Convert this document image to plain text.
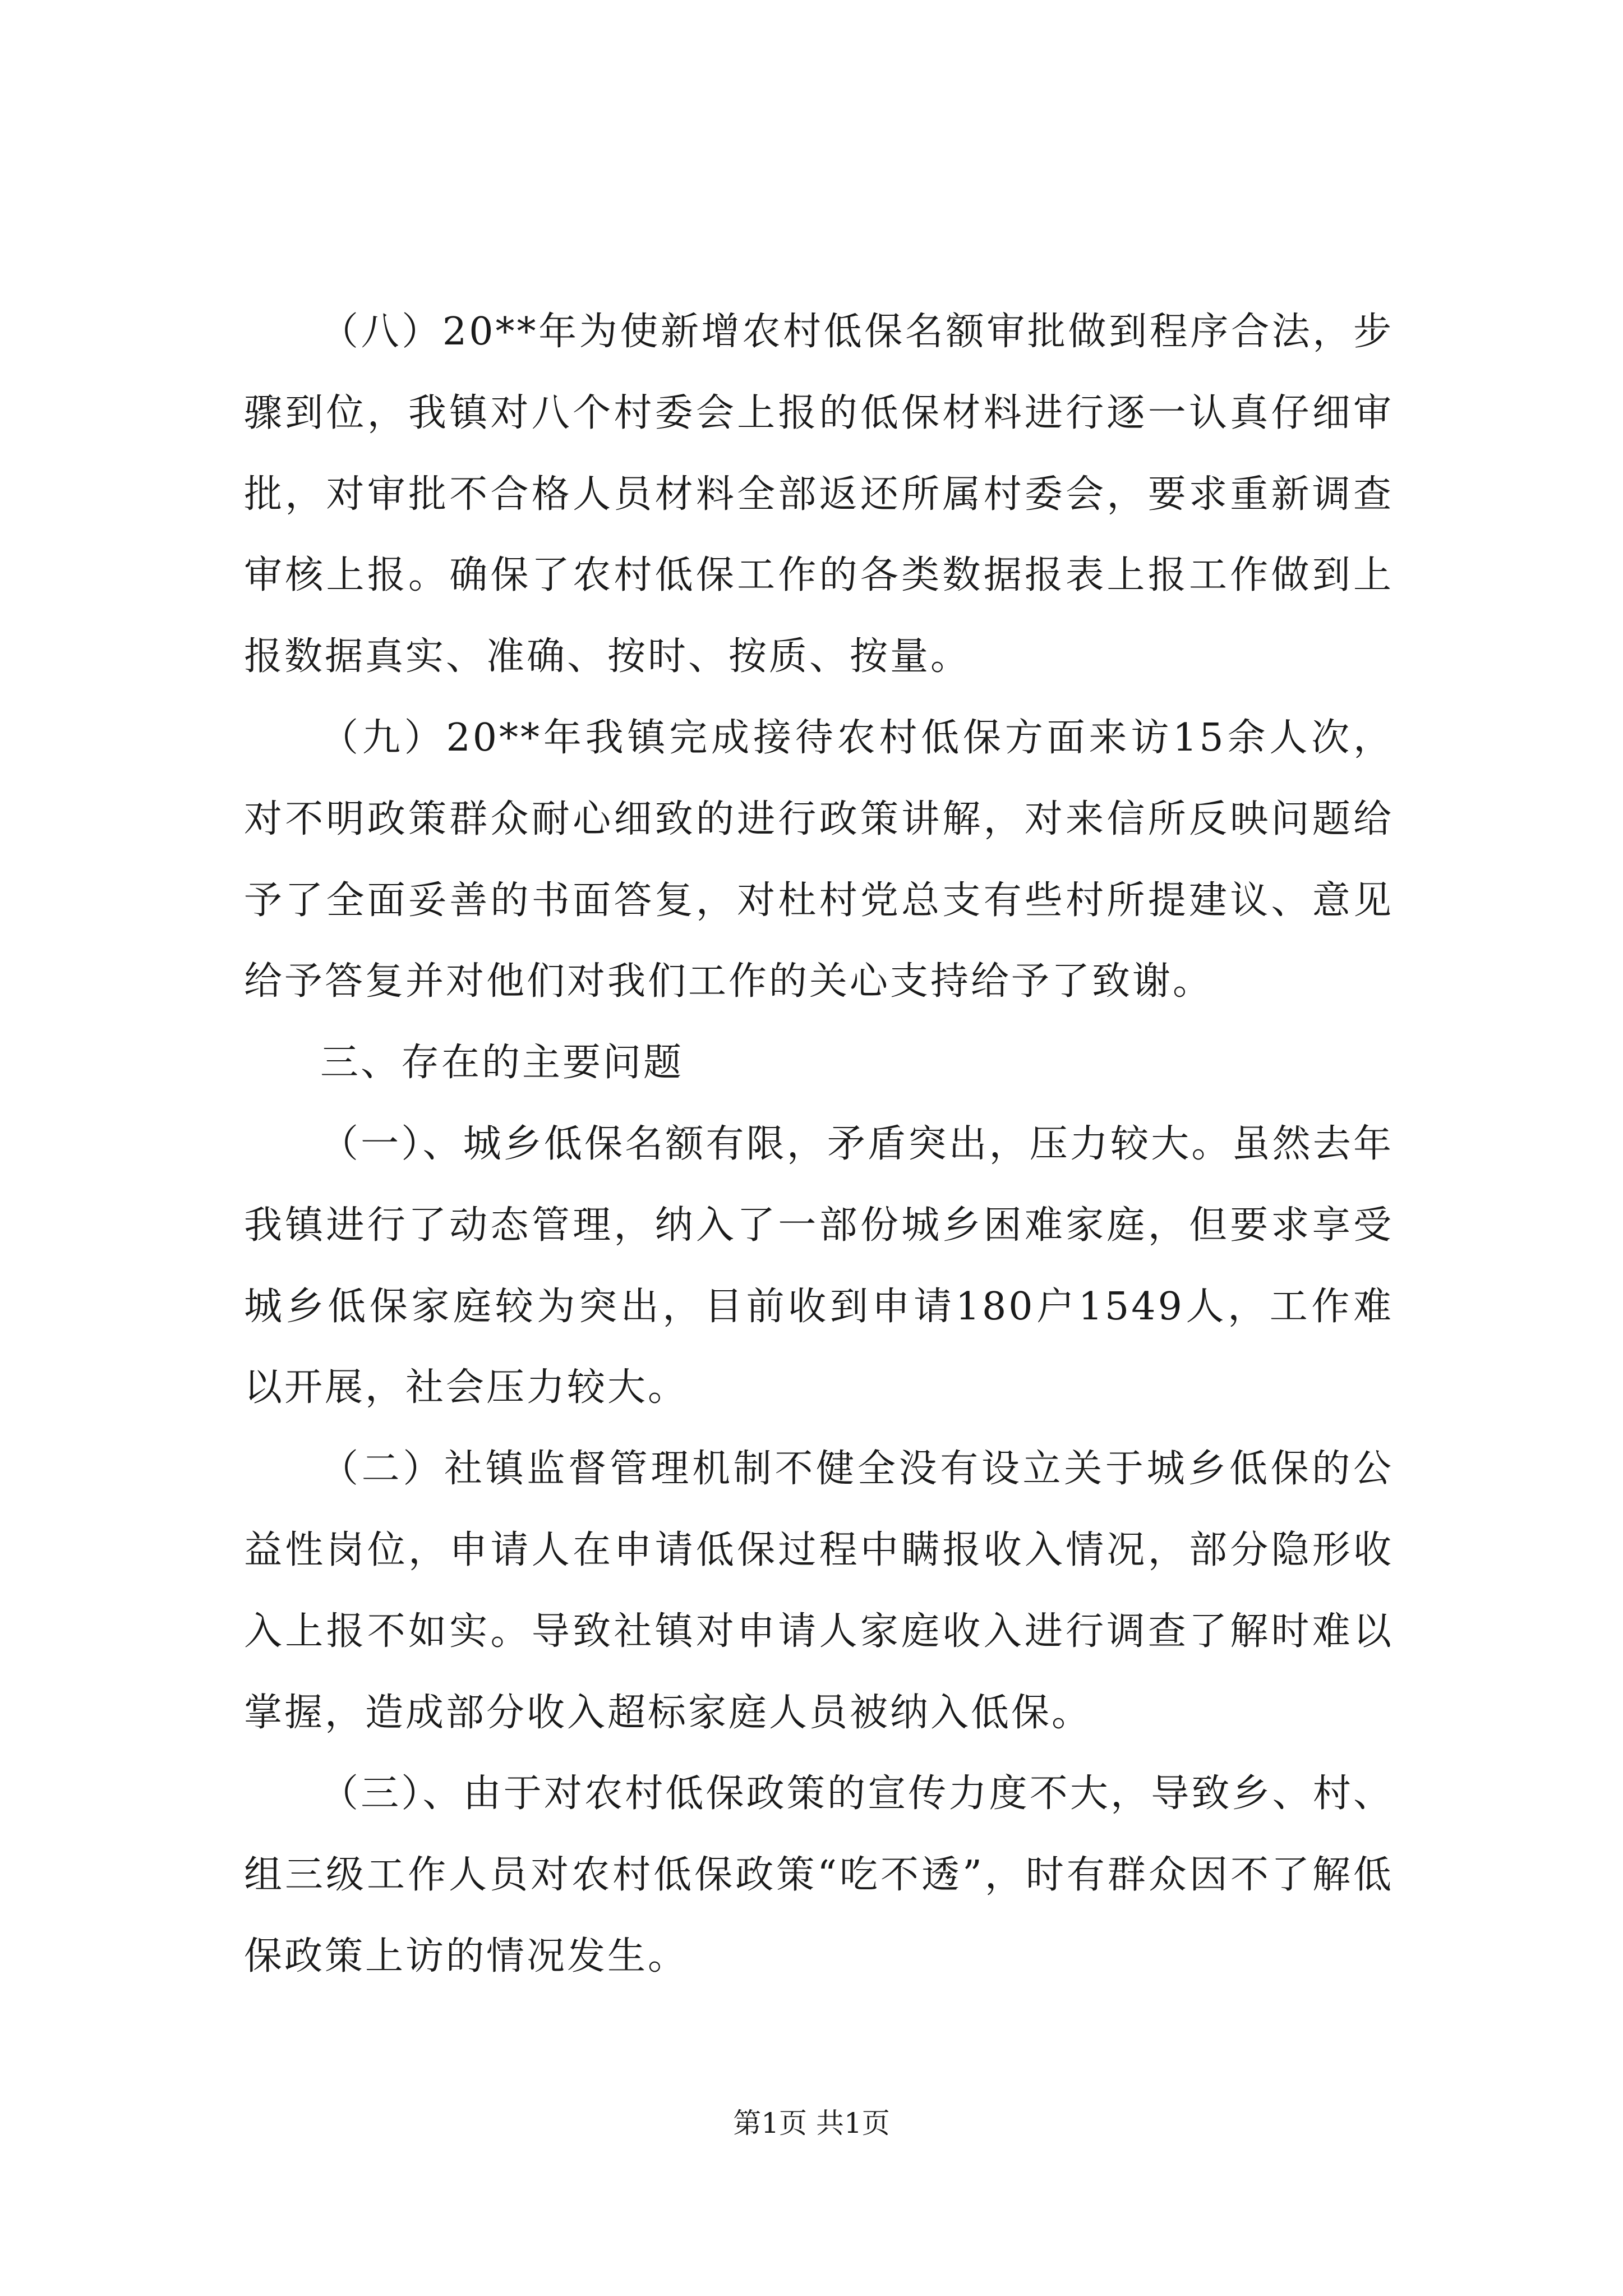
（八）20**年为使新增农村低保名额审批做到程序合法，步骤到位，我镇对八个村委会上报的低保材料进行逐一认真仔细审批，对审批不合格人员材料全部返还所属村委会，要求重新调查审核上报。确保了农村低保工作的各类数据报表上报工作做到上报数据真实、准确、按时、按质、按量。

（九）20**年我镇完成接待农村低保方面来访15余人次，对不明政策群众耐心细致的进行政策讲解，对来信所反映问题给予了全面妥善的书面答复，对杜村党总支有些村所提建议、意见给予答复并对他们对我们工作的关心支持给予了致谢。

三、存在的主要问题

（一）、城乡低保名额有限，矛盾突出，压力较大。虽然去年我镇进行了动态管理，纳入了一部份城乡困难家庭，但要求享受城乡低保家庭较为突出，目前收到申请180户1549人，工作难以开展，社会压力较大。

（二）社镇监督管理机制不健全没有设立关于城乡低保的公益性岗位，申请人在申请低保过程中瞒报收入情况，部分隐形收入上报不如实。导致社镇对申请人家庭收入进行调查了解时难以掌握，造成部分收入超标家庭人员被纳入低保。

（三）、由于对农村低保政策的宣传力度不大，导致乡、村、组三级工作人员对农村低保政策“吃不透”，时有群众因不了解低保政策上访的情况发生。

第1页 共1页
